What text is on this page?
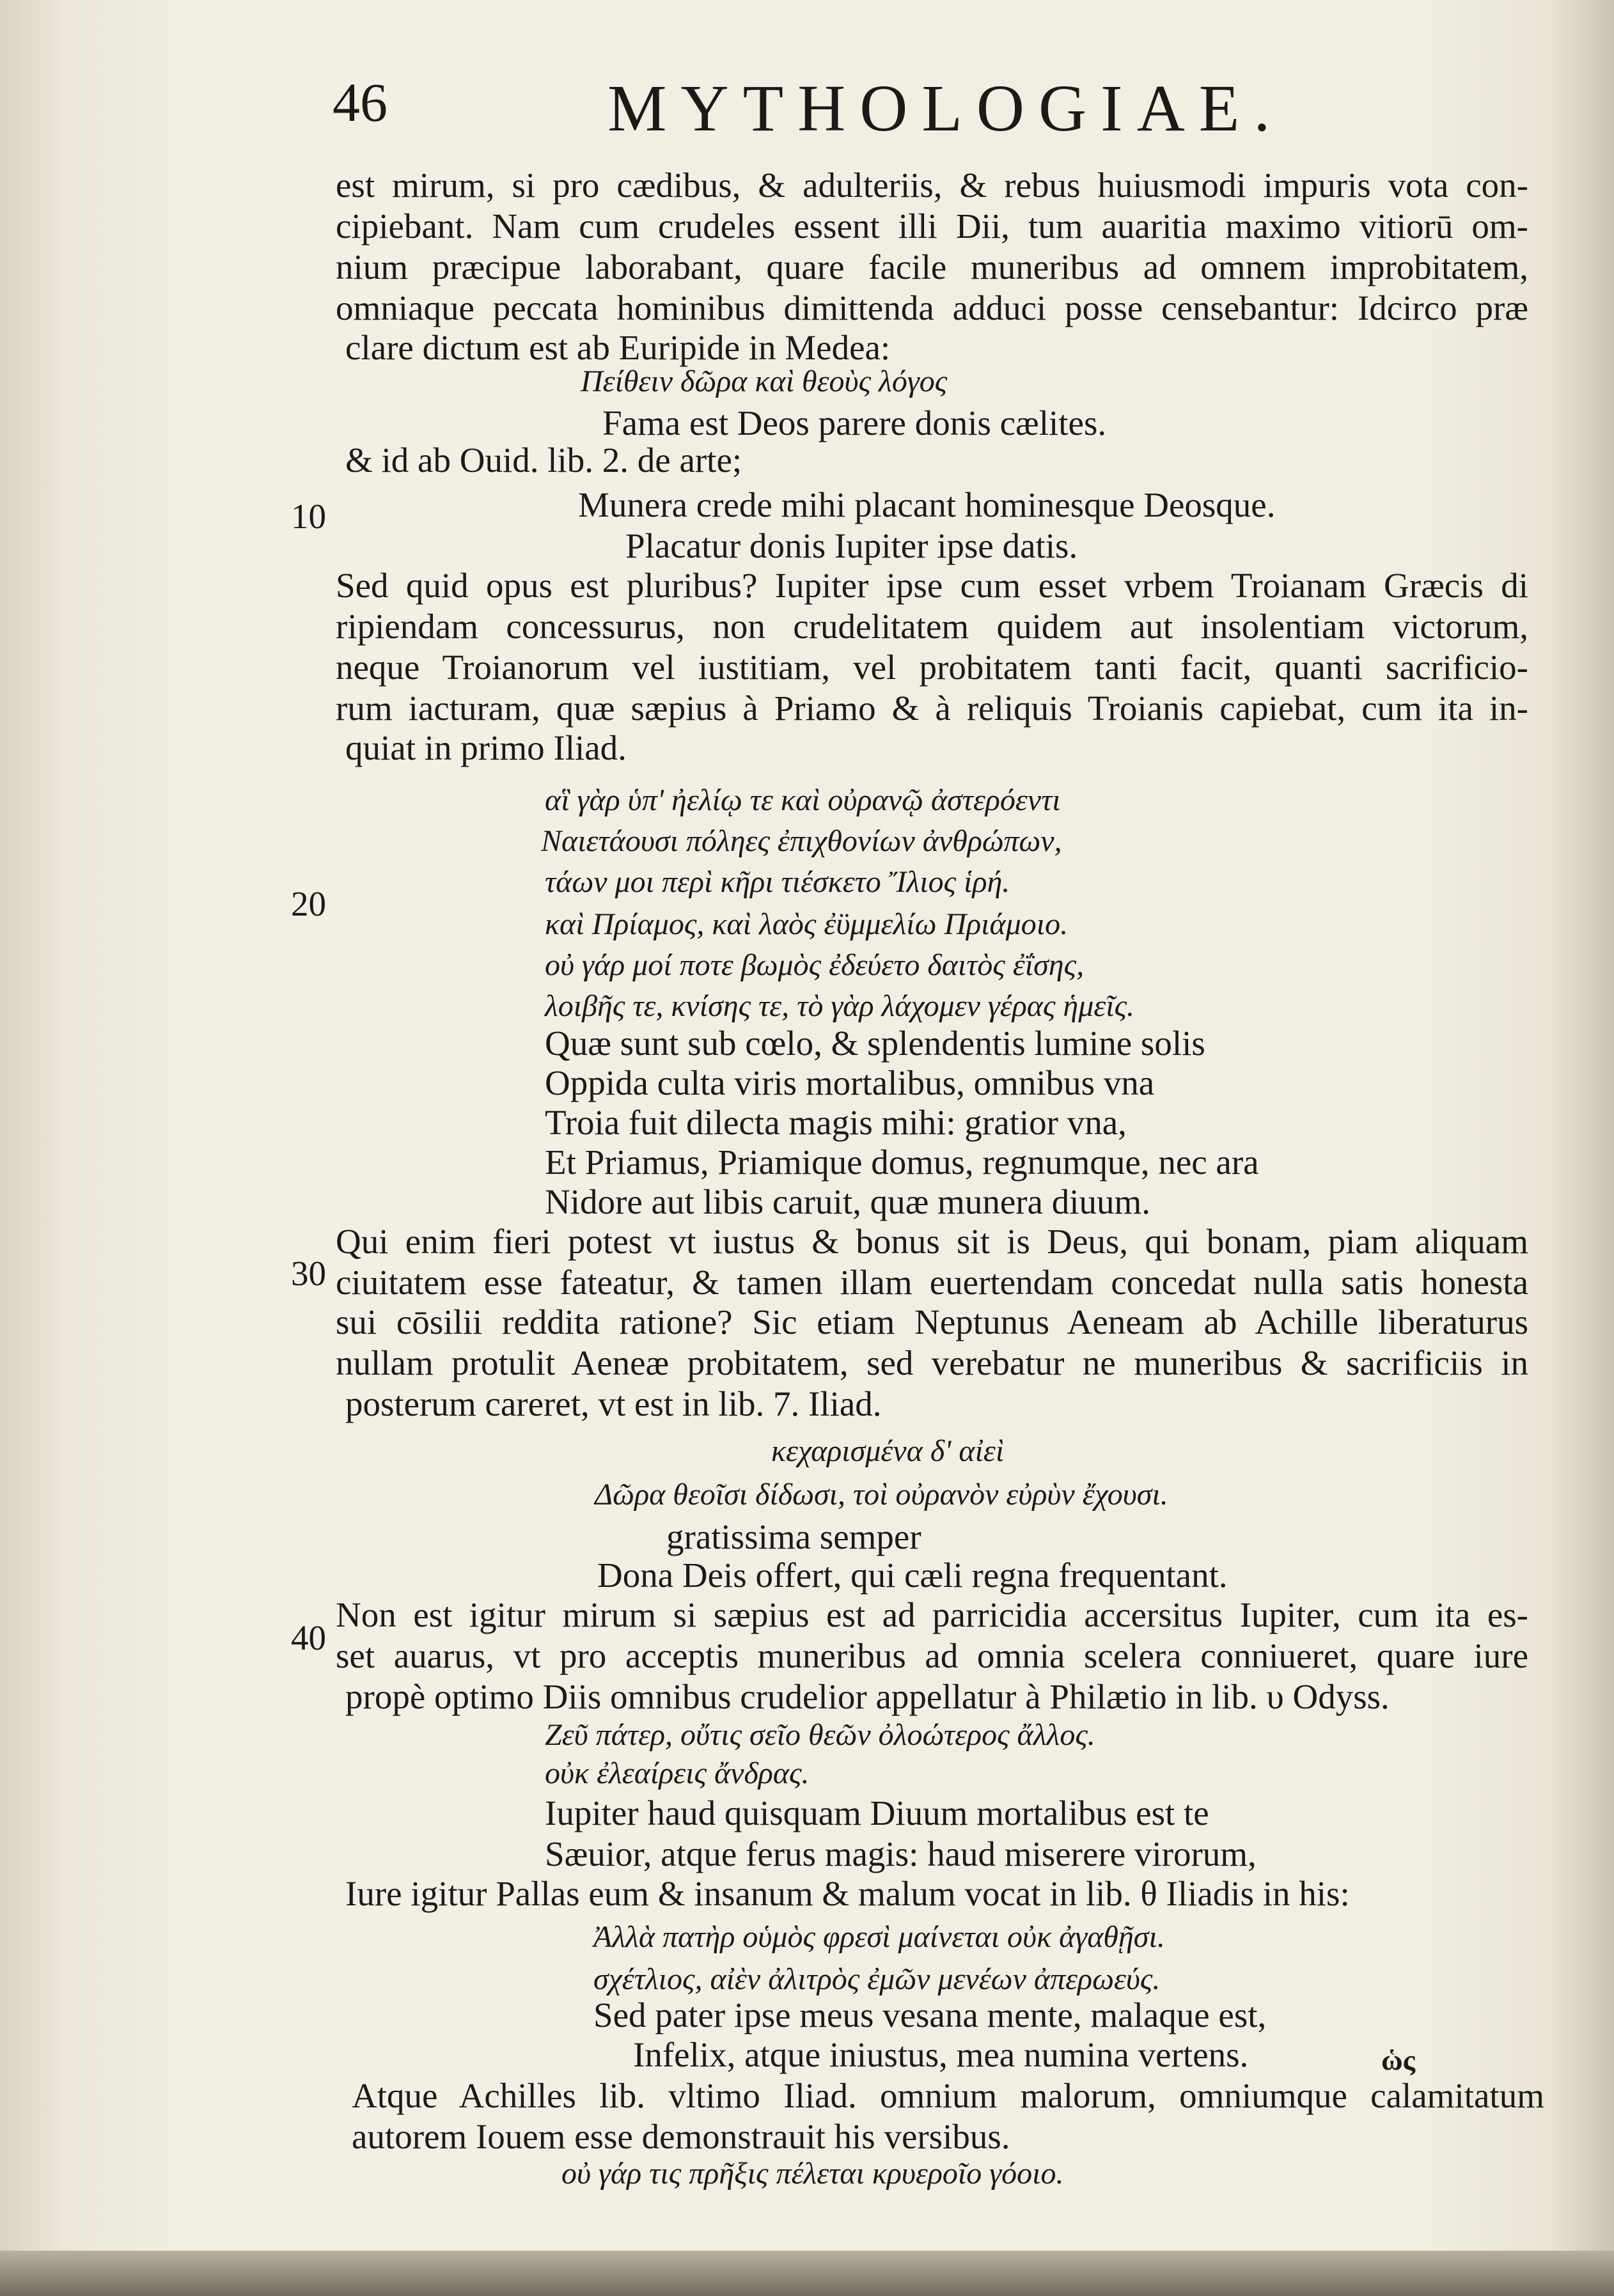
46	MYTHOLOGIAE.
10
20
30
40
est mirum, si pro cædibus, & adulteriis, & rebus huiusmodi impuris vota con-
cipiebant. Nam cum crudeles essent illi Dii, tum auaritia maximo vitiorū om-
nium præcipue laborabant, quare facile muneribus ad omnem improbitatem,
omniaque peccata hominibus dimittenda adduci posse censebantur: Idcirco præ
clare dictum est ab Euripide in Medea:
Πείθειν δῶρα καὶ θεοὺς λόγος
Fama est Deos parere donis cælites.
& id ab Ouid. lib. 2. de arte;
Munera crede mihi placant hominesque Deosque.
Placatur donis Iupiter ipse datis.
Sed quid opus est pluribus? Iupiter ipse cum esset vrbem Troianam Græcis di
ripiendam concessurus, non crudelitatem quidem aut insolentiam victorum,
neque Troianorum vel iustitiam, vel probitatem tanti facit, quanti sacrificio-
rum iacturam, quæ sæpius à Priamo & à reliquis Troianis capiebat, cum ita in-
quiat in primo Iliad.
αἳ γὰρ ὑπ' ἠελίῳ τε καὶ οὐρανῷ ἀστερόεντι
Ναιετάουσι πόληες ἐπιχθονίων ἀνθρώπων,
τάων μοι περὶ κῆρι τιέσκετο Ἴλιος ἱρή.
καὶ Πρίαμος, καὶ λαὸς ἐϋμμελίω Πριάμοιο.
οὐ γάρ μοί ποτε βωμὸς ἐδεύετο δαιτὸς ἐΐσης,
λοιβῆς τε, κνίσης τε, τὸ γὰρ λάχομεν γέρας ἡμεῖς.
Quæ sunt sub cœlo, & splendentis lumine solis
Oppida culta viris mortalibus, omnibus vna
Troia fuit dilecta magis mihi: gratior vna,
Et Priamus, Priamique domus, regnumque, nec ara
Nidore aut libis caruit, quæ munera diuum.
Qui enim fieri potest vt iustus & bonus sit is Deus, qui bonam, piam aliquam
ciuitatem esse fateatur, & tamen illam euertendam concedat nulla satis honesta
sui cōsilii reddita ratione? Sic etiam Neptunus Aeneam ab Achille liberaturus
nullam protulit Aeneæ probitatem, sed verebatur ne muneribus & sacrificiis in
posterum careret, vt est in lib. 7. Iliad.
κεχαρισμένα δ' αἰεὶ
Δῶρα θεοῖσι δίδωσι, τοὶ οὐρανὸν εὐρὺν ἔχουσι.
gratissima semper
Dona Deis offert, qui cæli regna frequentant.
Non est igitur mirum si sæpius est ad parricidia accersitus Iupiter, cum ita es-
set auarus, vt pro acceptis muneribus ad omnia scelera conniueret, quare iure
propè optimo Diis omnibus crudelior appellatur à Philætio in lib. υ Odyss.
Ζεῦ πάτερ, οὔτις σεῖο θεῶν ὀλοώτερος ἄλλος.
οὐκ ἐλεαίρεις ἄνδρας.
Iupiter haud quisquam Diuum mortalibus est te
Sæuior, atque ferus magis: haud miserere virorum,
Iure igitur Pallas eum & insanum & malum vocat in lib. θ Iliadis in his:
Ἀλλὰ πατὴρ οὑμὸς φρεσὶ μαίνεται οὐκ ἀγαθῇσι.
σχέτλιος, αἰὲν ἀλιτρὸς ἐμῶν μενέων ἀπερωεύς.
Sed pater ipse meus vesana mente, malaque est,
Infelix, atque iniustus, mea numina vertens.
Atque Achilles lib. vltimo Iliad. omnium malorum, omniumque calamitatum
autorem Iouem esse demonstrauit his versibus.
οὐ γάρ τις πρῆξις πέλεται κρυεροῖο γόοιο.
ὡς
